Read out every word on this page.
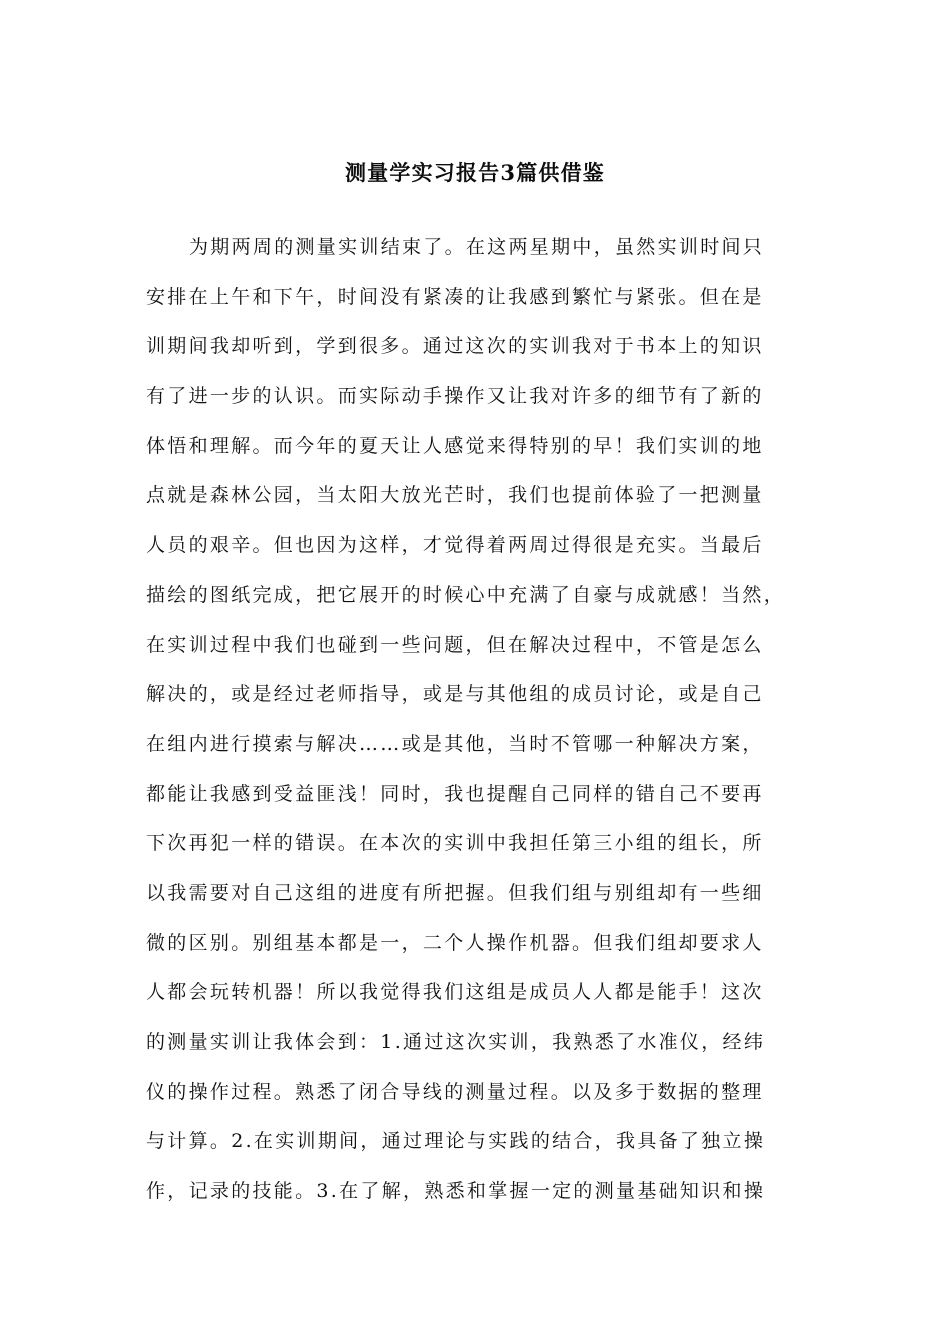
测量学实习报告3篇供借鉴
为期两周的测量实训结束了。在这两星期中，虽然实训时间只
安排在上午和下午，时间没有紧凑的让我感到繁忙与紧张。但在是
训期间我却听到，学到很多。通过这次的实训我对于书本上的知识
有了进一步的认识。而实际动手操作又让我对许多的细节有了新的
体悟和理解。而今年的夏天让人感觉来得特别的早！我们实训的地
点就是森林公园，当太阳大放光芒时，我们也提前体验了一把测量
人员的艰辛。但也因为这样，才觉得着两周过得很是充实。当最后
描绘的图纸完成，把它展开的时候心中充满了自豪与成就感！当然，
在实训过程中我们也碰到一些问题，但在解决过程中，不管是怎么
解决的，或是经过老师指导，或是与其他组的成员讨论，或是自己
在组内进行摸索与解决……或是其他，当时不管哪一种解决方案，
都能让我感到受益匪浅！同时，我也提醒自己同样的错自己不要再
下次再犯一样的错误。在本次的实训中我担任第三小组的组长，所
以我需要对自己这组的进度有所把握。但我们组与别组却有一些细
微的区别。别组基本都是一，二个人操作机器。但我们组却要求人
人都会玩转机器！所以我觉得我们这组是成员人人都是能手！这次
的测量实训让我体会到：1.通过这次实训，我熟悉了水准仪，经纬
仪的操作过程。熟悉了闭合导线的测量过程。以及多于数据的整理
与计算。2.在实训期间，通过理论与实践的结合，我具备了独立操
作，记录的技能。3.在了解，熟悉和掌握一定的测量基础知识和操
